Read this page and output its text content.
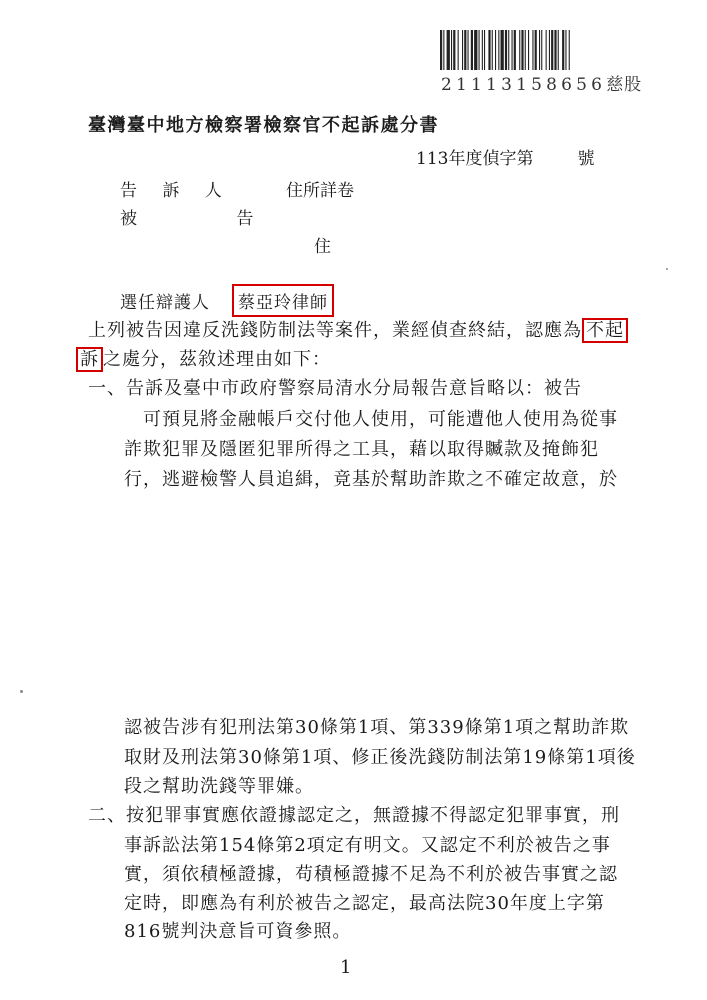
21113158656慈股
臺灣臺中地方檢察署檢察官不起訴處分書
113年度偵字第	號
告 訴 人	住所詳卷
被 告
住
選任辯護人	蔡亞玲律師
上列被告因違反洗錢防制法等案件，業經偵查終結，認應為 不起
訴 之處分，茲敘述理由如下：
一、告訴及臺中市政府警察局清水分局報告意旨略以：被告
可預見將金融帳戶交付他人使用，可能遭他人使用為從事
詐欺犯罪及隱匿犯罪所得之工具，藉以取得贓款及掩飾犯
行，逃避檢警人員追緝，竟基於幫助詐欺之不確定故意，於
認被告涉有犯刑法第30條第1項、第339條第1項之幫助詐欺
取財及刑法第30條第1項、修正後洗錢防制法第19條第1項後
段之幫助洗錢等罪嫌。
二、按犯罪事實應依證據認定之，無證據不得認定犯罪事實，刑
事訴訟法第154條第2項定有明文。又認定不利於被告之事
實，須依積極證據，苟積極證據不足為不利於被告事實之認
定時，即應為有利於被告之認定，最高法院30年度上字第
816號判決意旨可資參照。
1
